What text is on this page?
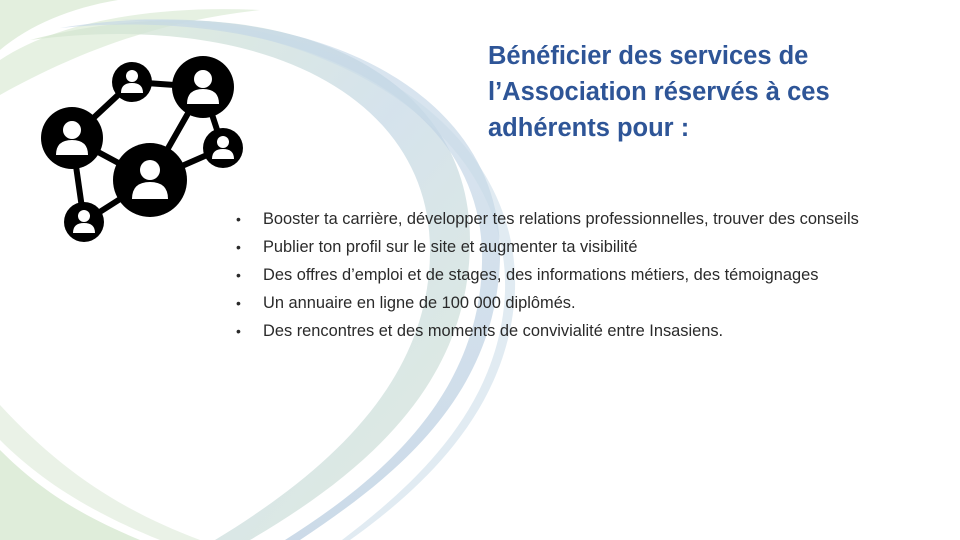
Bénéficier des services de l’Association réservés à ces adhérents pour :
• Booster ta carrière, développer tes relations professionnelles, trouver des conseils
• Publier ton profil sur le site et augmenter ta visibilité
• Des offres d’emploi et de stages, des informations métiers, des témoignages
• Un annuaire en ligne de 100 000 diplômés.
• Des rencontres et des moments de convivialité entre Insasiens.
